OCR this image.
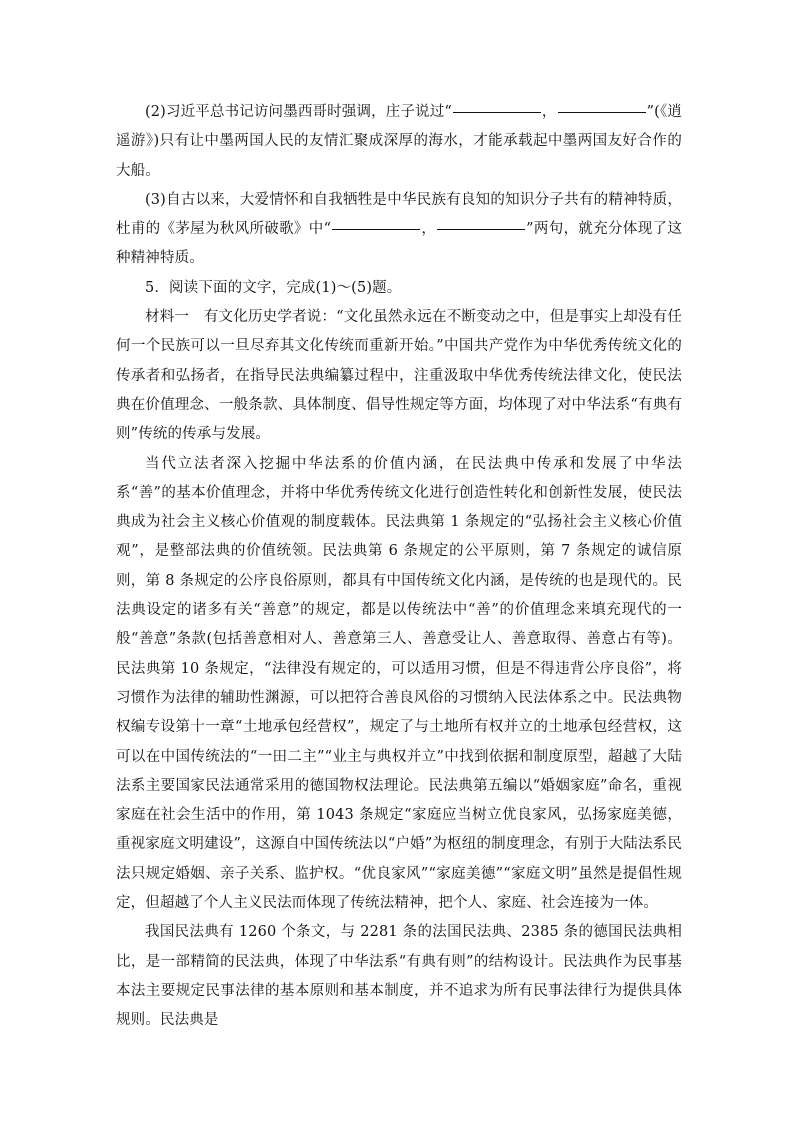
(2)习近平总书记访问墨西哥时强调，庄子说过“	，	”(《逍遥游》)只有让中墨两国人民的友情汇聚成深厚的海水，才能承载起中墨两国友好合作的大船。

(3)自古以来，大爱情怀和自我牺牲是中华民族有良知的知识分子共有的精神特质，杜甫的《茅屋为秋风所破歌》中“	，	”两句，就充分体现了这种精神特质。

5．阅读下面的文字，完成(1)～(5)题。

材料一　有文化历史学者说：“文化虽然永远在不断变动之中，但是事实上却没有任何一个民族可以一旦尽弃其文化传统而重新开始。”中国共产党作为中华优秀传统文化的传承者和弘扬者，在指导民法典编纂过程中，注重汲取中华优秀传统法律文化，使民法典在价值理念、一般条款、具体制度、倡导性规定等方面，均体现了对中华法系“有典有则”传统的传承与发展。

当代立法者深入挖掘中华法系的价值内涵，在民法典中传承和发展了中华法系“善”的基本价值理念，并将中华优秀传统文化进行创造性转化和创新性发展，使民法典成为社会主义核心价值观的制度载体。民法典第 1 条规定的“弘扬社会主义核心价值观”，是整部法典的价值统领。民法典第 6 条规定的公平原则，第 7 条规定的诚信原则，第 8 条规定的公序良俗原则，都具有中国传统文化内涵，是传统的也是现代的。民法典设定的诸多有关“善意”的规定，都是以传统法中“善”的价值理念来填充现代的一般“善意”条款(包括善意相对人、善意第三人、善意受让人、善意取得、善意占有等)。民法典第 10 条规定，“法律没有规定的，可以适用习惯，但是不得违背公序良俗”，将习惯作为法律的辅助性渊源，可以把符合善良风俗的习惯纳入民法体系之中。民法典物权编专设第十一章“土地承包经营权”，规定了与土地所有权并立的土地承包经营权，这可以在中国传统法的“一田二主”“业主与典权并立”中找到依据和制度原型，超越了大陆法系主要国家民法通常采用的德国物权法理论。民法典第五编以“婚姻家庭”命名，重视家庭在社会生活中的作用，第 1043 条规定“家庭应当树立优良家风，弘扬家庭美德，重视家庭文明建设”，这源自中国传统法以“户婚”为枢纽的制度理念，有别于大陆法系民法只规定婚姻、亲子关系、监护权。“优良家风”“家庭美德”“家庭文明”虽然是提倡性规定，但超越了个人主义民法而体现了传统法精神，把个人、家庭、社会连接为一体。

我国民法典有 1260 个条文，与 2281 条的法国民法典、2385 条的德国民法典相比，是一部精简的民法典，体现了中华法系“有典有则”的结构设计。民法典作为民事基本法主要规定民事法律的基本原则和基本制度，并不追求为所有民事法律行为提供具体规则。民法典是
